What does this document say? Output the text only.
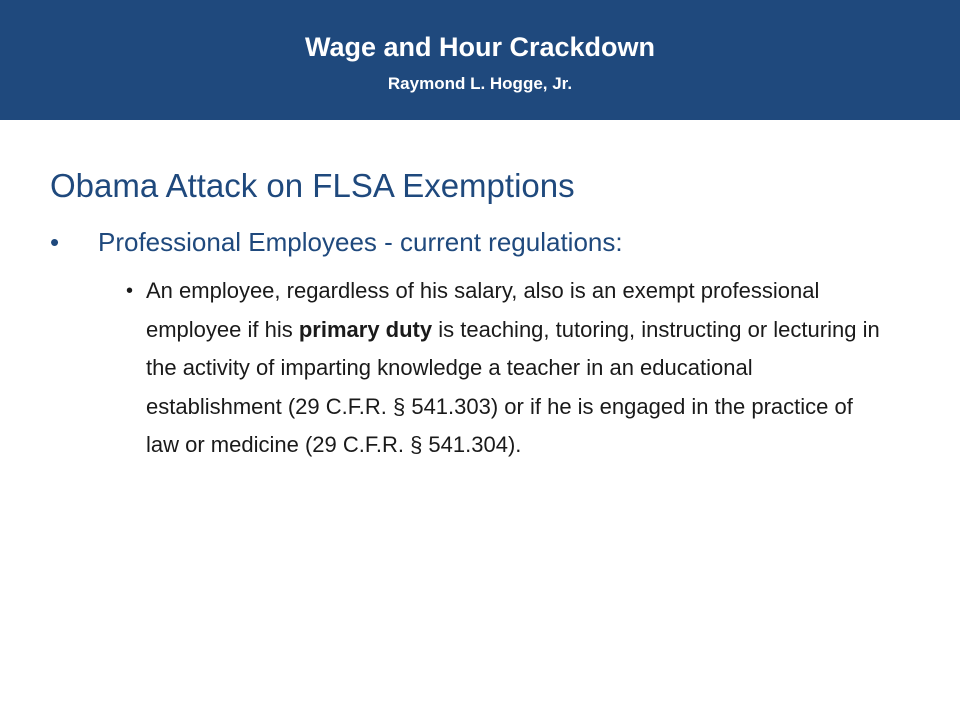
Wage and Hour Crackdown
Raymond L. Hogge, Jr.
Obama Attack on FLSA Exemptions
• Professional Employees - current regulations:
• An employee, regardless of his salary, also is an exempt professional employee if his primary duty is teaching, tutoring, instructing or lecturing in the activity of imparting knowledge a teacher in an educational establishment (29 C.F.R. § 541.303) or if he is engaged in the practice of law or medicine (29 C.F.R. § 541.304).
